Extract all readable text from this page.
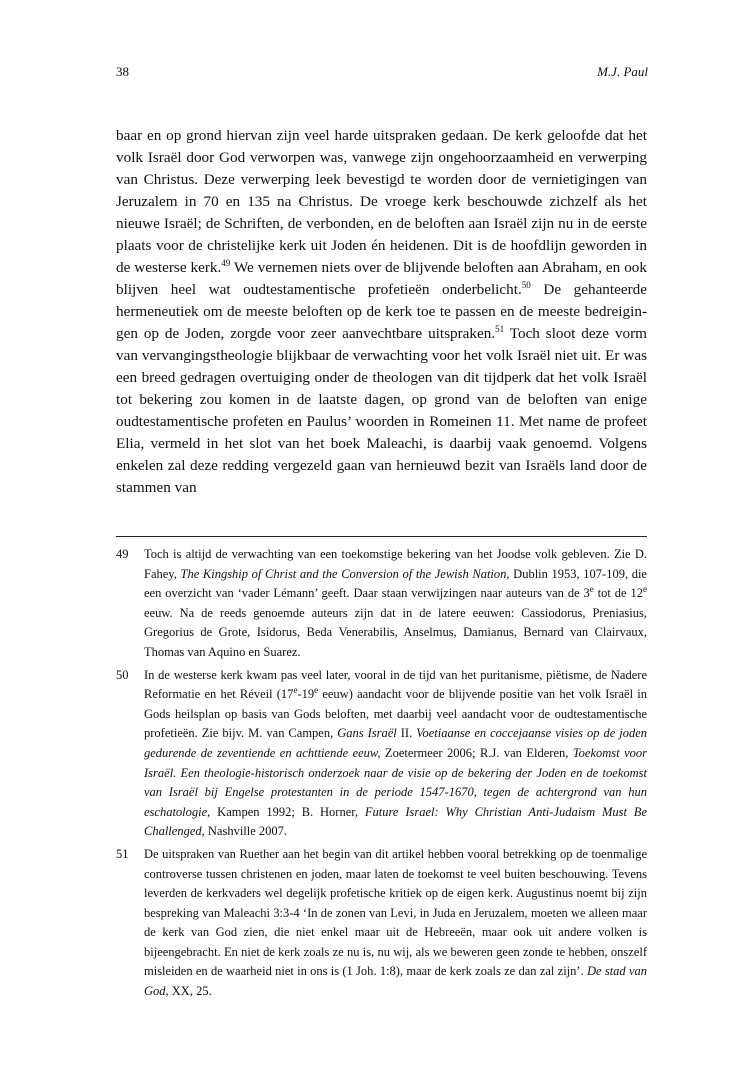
38	M.J. Paul

baar en op grond hiervan zijn veel harde uitspraken gedaan. De kerk geloofde dat het volk Israël door God verworpen was, vanwege zijn ongehoorzaamheid en verwerping van Christus. Deze verwerping leek bevestigd te worden door de vernietigingen van Jeruzalem in 70 en 135 na Christus. De vroege kerk beschouwde zichzelf als het nieuwe Israël; de Schriften, de verbonden, en de beloften aan Israël zijn nu in de eerste plaats voor de christelijke kerk uit Joden én heidenen. Dit is de hoofdlijn geworden in de westerse kerk.$^{49}$ We vernemen niets over de blijvende beloften aan Abraham, en ook blijven heel wat oudtestamentische profetieën onderbelicht.$^{50}$ De gehanteerde hermeneutiek om de meeste beloften op de kerk toe te passen en de meeste bedreigingen op de Joden, zorgde voor zeer aanvechtbare uitspraken.$^{51}$ Toch sloot deze vorm van vervangingstheologie blijkbaar de verwachting voor het volk Israël niet uit. Er was een breed gedragen overtuiging onder de theologen van dit tijdperk dat het volk Israël tot bekering zou komen in de laatste dagen, op grond van de beloften van enige oudtestamentische profeten en Paulus’ woorden in Romeinen 11. Met name de profeet Elia, vermeld in het slot van het boek Maleachi, is daarbij vaak genoemd. Volgens enkelen zal deze redding vergezeld gaan van hernieuwd bezit van Israëls land door de stammen van

49 Toch is altijd de verwachting van een toekomstige bekering van het Joodse volk gebleven. Zie D. Fahey, The Kingship of Christ and the Conversion of the Jewish Nation, Dublin 1953, 107-109, die een overzicht van ‘vader Lémann’ geeft. Daar staan verwijzingen naar auteurs van de 3e tot de 12e eeuw. Na de reeds genoemde auteurs zijn dat in de latere eeuwen: Cassiodorus, Preniasius, Gregorius de Grote, Isidorus, Beda Venerabilis, Anselmus, Damianus, Bernard van Clairvaux, Thomas van Aquino en Suarez.
50 In de westerse kerk kwam pas veel later, vooral in de tijd van het puritanisme, piëtisme, de Nadere Reformatie en het Réveil (17e-19e eeuw) aandacht voor de blijvende positie van het volk Israël in Gods heilsplan op basis van Gods beloften, met daarbij veel aandacht voor de oudtestamentische profetieën. Zie bijv. M. van Campen, Gans Israël II. Voetiaanse en coccejaanse visies op de joden gedurende de zeventiende en achttiende eeuw, Zoetermeer 2006; R.J. van Elderen, Toekomst voor Israël. Een theologie-historisch onderzoek naar de visie op de bekering der Joden en de toekomst van Israël bij Engelse protestanten in de periode 1547-1670, tegen de achtergrond van hun eschatologie, Kampen 1992; B. Horner, Future Israel: Why Christian Anti-Judaism Must Be Challenged, Nashville 2007.
51 De uitspraken van Ruether aan het begin van dit artikel hebben vooral betrekking op de toenmalige controverse tussen christenen en joden, maar laten de toekomst te veel buiten beschouwing. Tevens leverden de kerkvaders wel degelijk profetische kritiek op de eigen kerk. Augustinus noemt bij zijn bespreking van Maleachi 3:3-4 ‘In de zonen van Levi, in Juda en Jeruzalem, moeten we alleen maar de kerk van God zien, die niet enkel maar uit de Hebreeën, maar ook uit andere volken is bijeengebracht. En niet de kerk zoals ze nu is, nu wij, als we beweren geen zonde te hebben, onszelf misleiden en de waarheid niet in ons is (1 Joh. 1:8), maar de kerk zoals ze dan zal zijn’. De stad van God, XX, 25.
